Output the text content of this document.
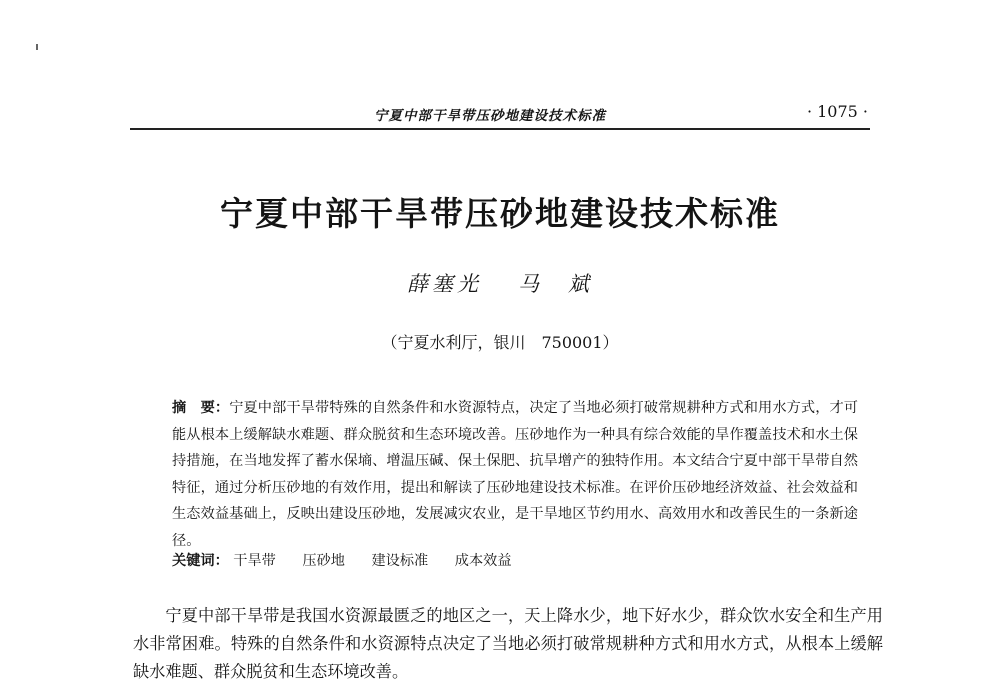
宁夏中部干旱带压砂地建设技术标准	· 1075 ·
宁夏中部干旱带压砂地建设技术标准
薛塞光 马　斌
（宁夏水利厅，银川　750001）
摘　要：宁夏中部干旱带特殊的自然条件和水资源特点，决定了当地必须打破常规耕种方式和用水方式，才可能从根本上缓解缺水难题、群众脱贫和生态环境改善。压砂地作为一种具有综合效能的旱作覆盖技术和水土保持措施，在当地发挥了蓄水保墒、增温压碱、保土保肥、抗旱增产的独特作用。本文结合宁夏中部干旱带自然特征，通过分析压砂地的有效作用，提出和解读了压砂地建设技术标准。在评价压砂地经济效益、社会效益和生态效益基础上，反映出建设压砂地，发展减灾农业，是干旱地区节约用水、高效用水和改善民生的一条新途径。
关键词： 干旱带 压砂地 建设标准 成本效益
宁夏中部干旱带是我国水资源最匮乏的地区之一，天上降水少，地下好水少，群众饮水安全和生产用水非常困难。特殊的自然条件和水资源特点决定了当地必须打破常规耕种方式和用水方式，从根本上缓解缺水难题、群众脱贫和生态环境改善。
